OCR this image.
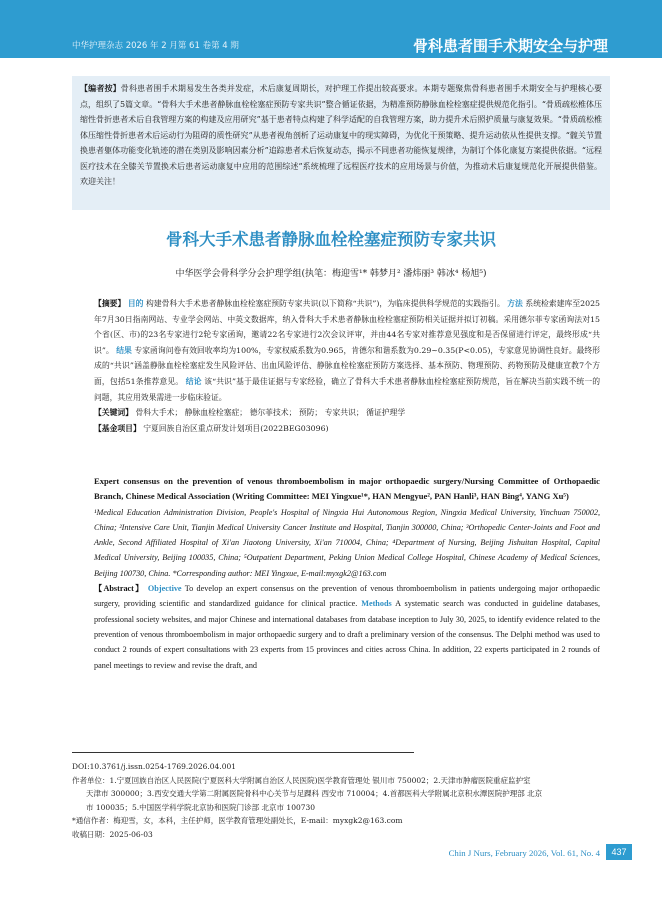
中华护理杂志 2026 年 2 月第 61 卷第 4 期	骨科患者围手术期安全与护理
【编者按】骨科患者围手术期易发生各类并发症，术后康复周期长，对护理工作提出较高要求。本期专题聚焦骨科患者围手术期安全与护理核心要点，组织了5篇文章。“骨科大手术患者静脉血栓栓塞症预防专家共识”整合循证依据，为精准预防静脉血栓栓塞症提供规范化指引。“骨质疏松椎体压缩性骨折患者术后自我管理方案的构建及应用研究”基于患者特点构建了科学适配的自我管理方案，助力提升术后照护质量与康复效果。“骨质疏松椎体压缩性骨折患者术后运动行为阻碍的质性研究”从患者视角剖析了运动康复中的现实障碍，为优化干预策略、提升运动依从性提供支撑。“髋关节置换患者躯体功能变化轨迹的潜在类别及影响因素分析”追踪患者术后恢复动态，揭示不同患者功能恢复规律，为制订个体化康复方案提供依据。“远程医疗技术在全膝关节置换术后患者运动康复中应用的范围综述”系统梳理了远程医疗技术的应用场景与价值，为推动术后康复规范化开展提供借鉴。欢迎关注！
骨科大手术患者静脉血栓栓塞症预防专家共识
中华医学会骨科学分会护理学组(执笔：梅迎雪¹* 韩梦月² 潘炜丽³ 韩冰⁴ 杨旭⁵)
【摘要】 目的 构建骨科大手术患者静脉血栓栓塞症预防专家共识(以下简称“共识”)，为临床提供科学规范的实践指引。 方法 系统检索建库至2025年7月30日指南网站、专业学会网站、中英文数据库，纳入骨科大手术患者静脉血栓栓塞症预防相关证据并拟订初稿。采用德尔菲专家函询法对15个省(区、市)的23名专家进行2轮专家函询，邀请22名专家进行2次会议评审，并由44名专家对推荐意见强度和是否保留进行评定，最终形成“共识”。 结果 专家函询问卷有效回收率均为100%，专家权威系数为0.965，肯德尔和谐系数为0.29~0.35(P<0.05)，专家意见协调性良好。最终形成的“共识”涵盖静脉血栓栓塞症发生风险评估、出血风险评估、静脉血栓栓塞症预防方案选择、基本预防、物理预防、药物预防及健康宣教7个方面，包括51条推荐意见。 结论 该“共识”基于最佳证据与专家经验，确立了骨科大手术患者静脉血栓栓塞症预防规范，旨在解决当前实践不统一的问题，其应用效果需进一步临床验证。
【关键词】 骨科大手术； 静脉血栓栓塞症； 德尔菲技术； 预防； 专家共识； 循证护理学
【基金项目】 宁夏回族自治区重点研发计划项目(2022BEG03096)
Expert consensus on the prevention of venous thromboembolism in major orthopaedic surgery/Nursing Committee of Orthopaedic Branch, Chinese Medical Association (Writing Committee: MEI Yingxue¹*, HAN Mengyue², PAN Hanli³, HAN Bing⁴, YANG Xu⁵)
¹Medical Education Administration Division, People's Hospital of Ningxia Hui Autonomous Region, Ningxia Medical University, Yinchuan 750002, China; ²Intensive Care Unit, Tianjin Medical University Cancer Institute and Hospital, Tianjin 300000, China; ³Orthopedic Center-Joints and Foot and Ankle, Second Affiliated Hospital of Xi'an Jiaotong University, Xi'an 710004, China; ⁴Department of Nursing, Beijing Jishuitan Hospital, Capital Medical University, Beijing 100035, China; ⁵Outpatient Department, Peking Union Medical College Hospital, Chinese Academy of Medical Sciences, Beijing 100730, China. *Corresponding author: MEI Yingxue, E-mail:myxgk2@163.com
【Abstract】 Objective To develop an expert consensus on the prevention of venous thromboembolism in patients undergoing major orthopaedic surgery, providing scientific and standardized guidance for clinical practice. Methods A systematic search was conducted in guideline databases, professional society websites, and major Chinese and international databases from database inception to July 30, 2025, to identify evidence related to the prevention of venous thromboembolism in major orthopaedic surgery and to draft a preliminary version of the consensus. The Delphi method was used to conduct 2 rounds of expert consultations with 23 experts from 15 provinces and cities across China. In addition, 22 experts participated in 2 rounds of panel meetings to review and revise the draft, and
DOI:10.3761/j.issn.0254-1769.2026.04.001
作者单位：1.宁夏回族自治区人民医院(宁夏医科大学附属自治区人民医院)医学教育管理处 银川市 750002；2.天津市肿瘤医院重症监护室
天津市 300000；3.西安交通大学第二附属医院骨科中心关节与足踝科 西安市 710004；4.首都医科大学附属北京积水潭医院护理部 北京
市 100035；5.中国医学科学院北京协和医院门诊部 北京市 100730
*通信作者：梅迎雪，女，本科，主任护师，医学教育管理处副处长，E-mail：myxgk2@163.com
收稿日期：2025-06-03
Chin J Nurs, February 2026, Vol. 61, No. 4	437
